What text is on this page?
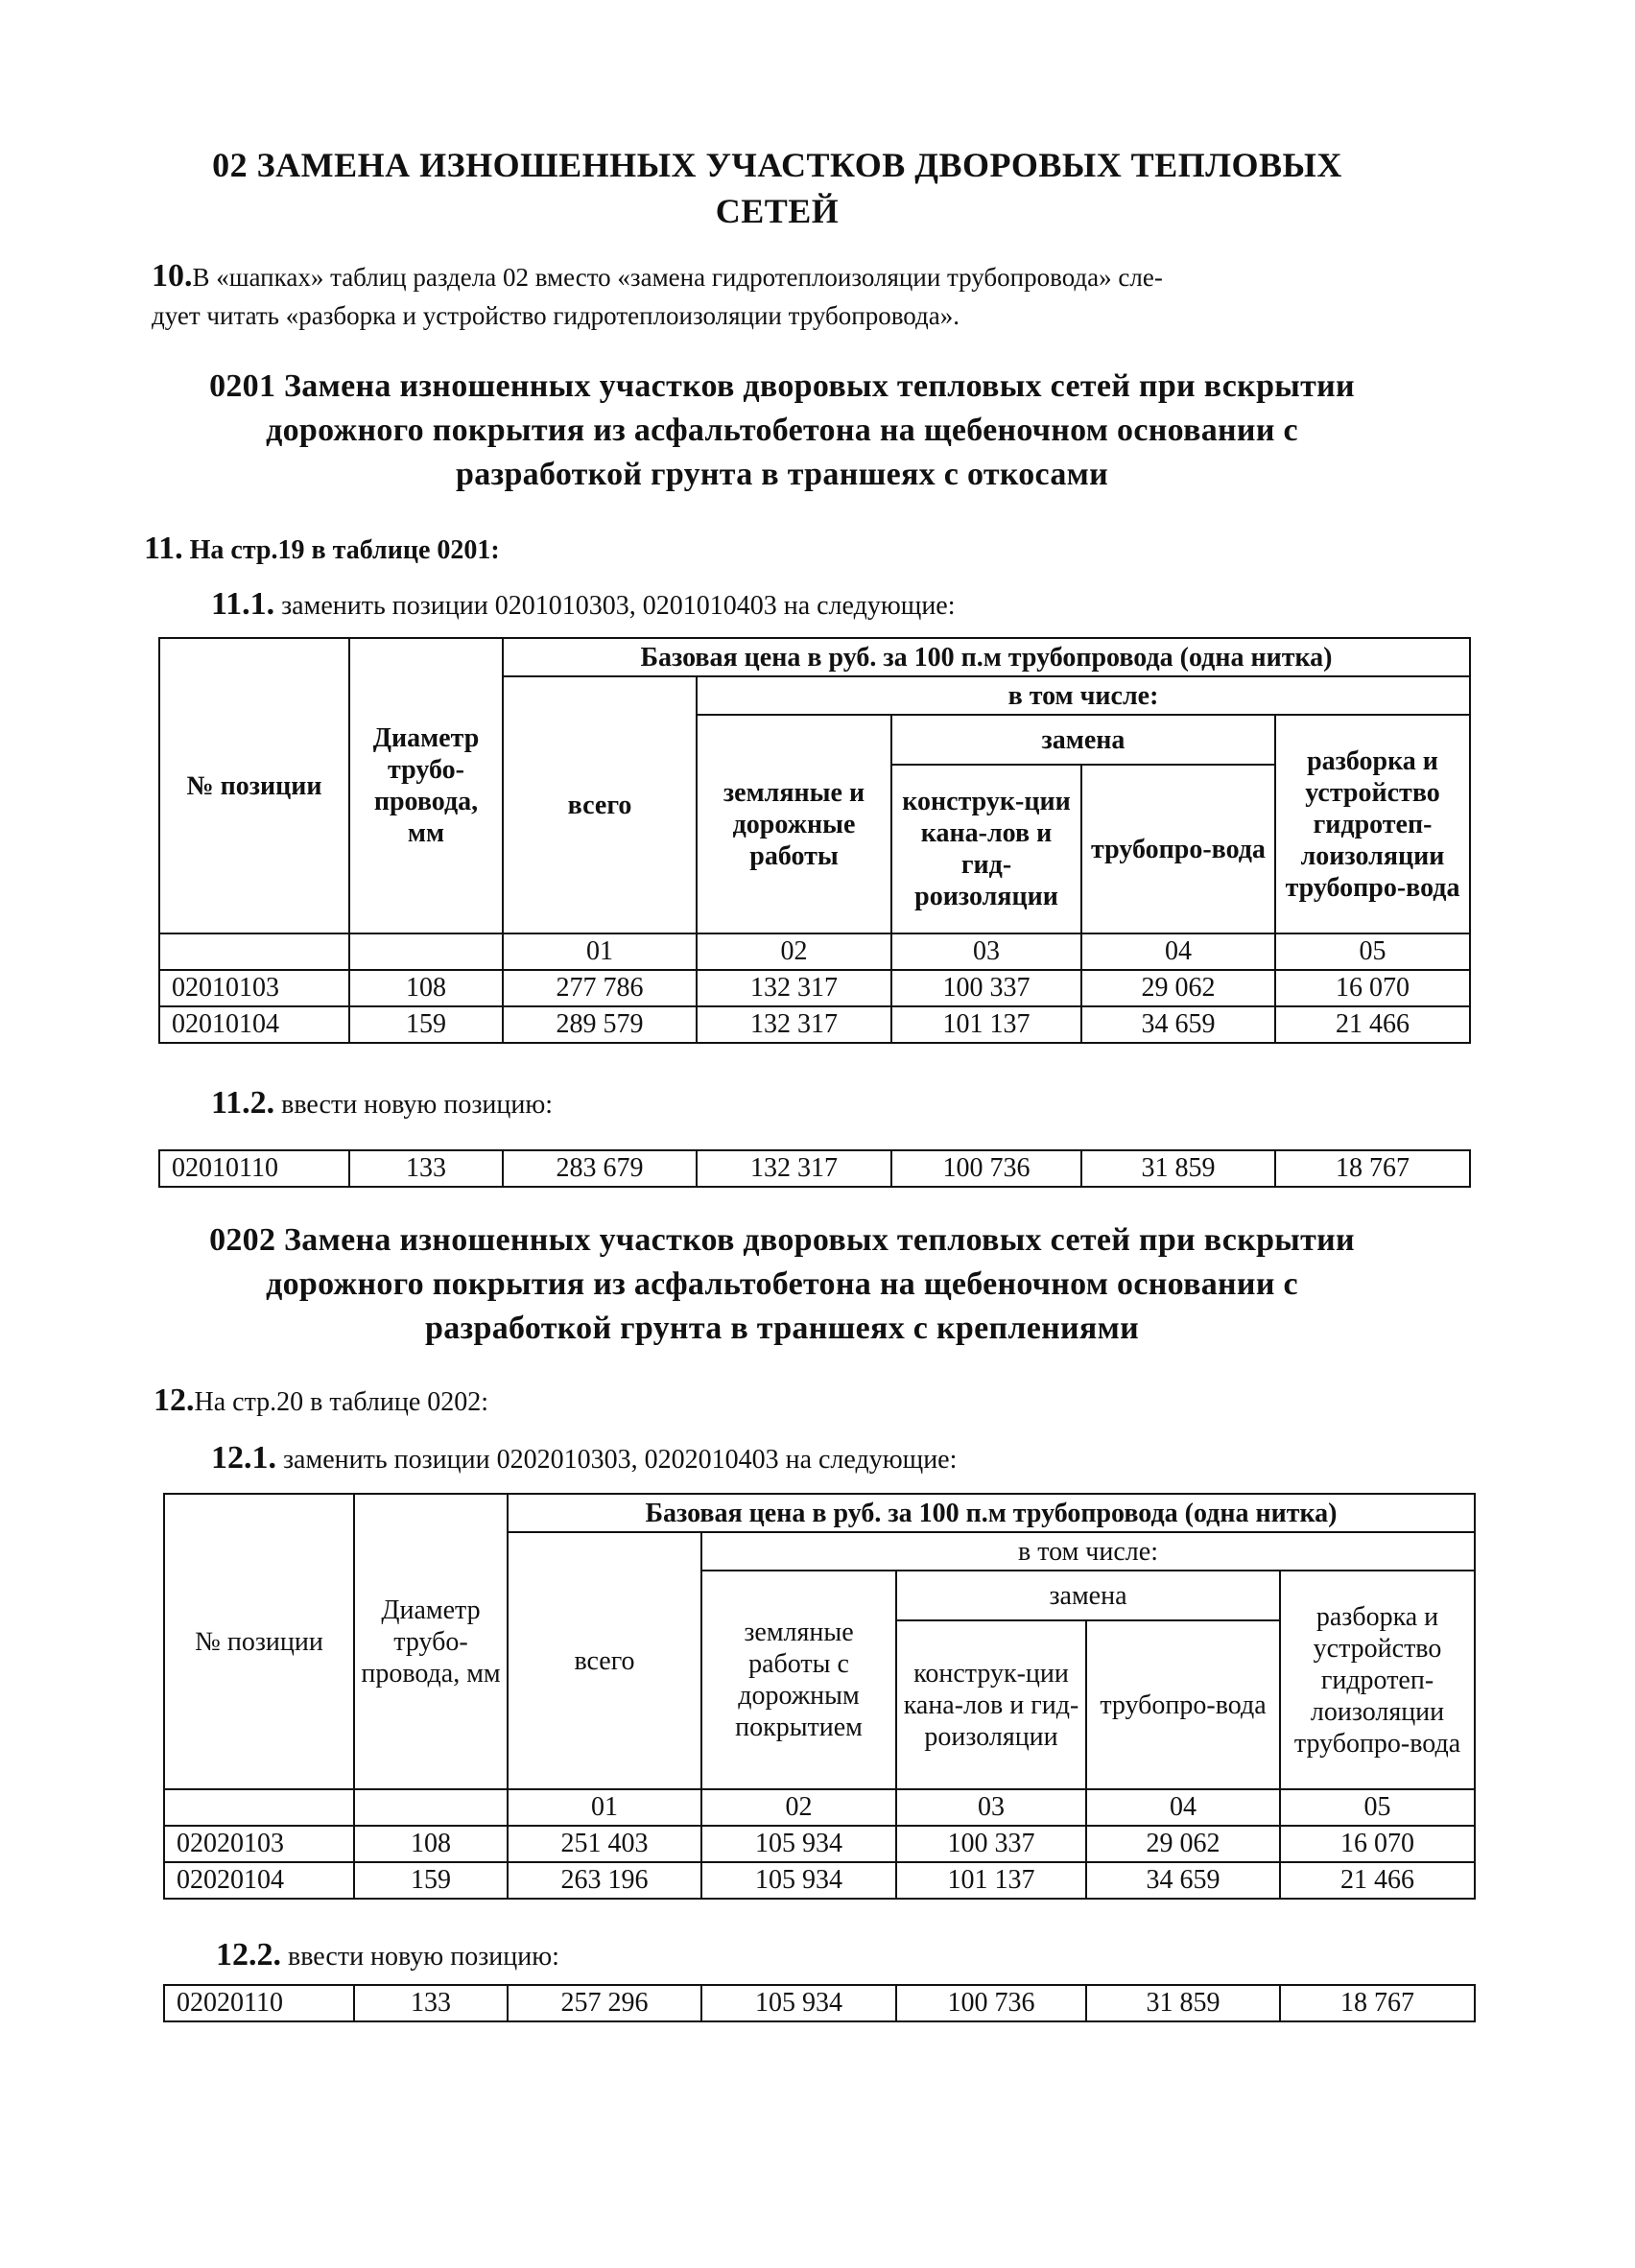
02 ЗАМЕНА ИЗНОШЕННЫХ УЧАСТКОВ ДВОРОВЫХ ТЕПЛОВЫХ
СЕТЕЙ
10.В «шапках» таблиц раздела 02 вместо «замена гидротеплоизоляции трубопровода» сле-
дует читать «разборка и устройство гидротеплоизоляции трубопровода».
0201 Замена изношенных участков дворовых тепловых сетей при вскрытии
дорожного покрытия из асфальтобетона на щебеночном основании с
разработкой грунта в траншеях с откосами
11. На стр.19 в таблице 0201:
11.1. заменить позиции 0201010303, 0201010403 на следующие:
№ позиции	Диаметр трубо-провода, мм	Базовая цена в руб. за 100 п.м трубопровода (одна нитка)				
		всего	в том числе:			
			земляные и дорожные работы	замена		разборка и устройство гидротеп-лоизоляции трубопро-вода
				конструк-ции кана-лов и гид-роизоляции	трубопро-вода	
		01	02	03	04	05
02010103	108	277 786	132 317	100 337	29 062	16 070
02010104	159	289 579	132 317	101 137	34 659	21 466
11.2. ввести новую позицию:
02010110	133	283 679	132 317	100 736	31 859	18 767
0202 Замена изношенных участков дворовых тепловых сетей при вскрытии
дорожного покрытия из асфальтобетона на щебеночном основании с
разработкой грунта в траншеях с креплениями
12.На стр.20 в таблице 0202:
12.1. заменить позиции 0202010303, 0202010403 на следующие:
№ позиции	Диаметр трубо-провода, мм	Базовая цена в руб. за 100 п.м трубопровода (одна нитка)				
		всего	в том числе:			
			земляные работы с дорожным покрытием	замена		разборка и устройство гидротеп-лоизоляции трубопро-вода
				конструк-ции кана-лов и гид-роизоляции	трубопро-вода	
		01	02	03	04	05
02020103	108	251 403	105 934	100 337	29 062	16 070
02020104	159	263 196	105 934	101 137	34 659	21 466
12.2. ввести новую позицию:
02020110	133	257 296	105 934	100 736	31 859	18 767
